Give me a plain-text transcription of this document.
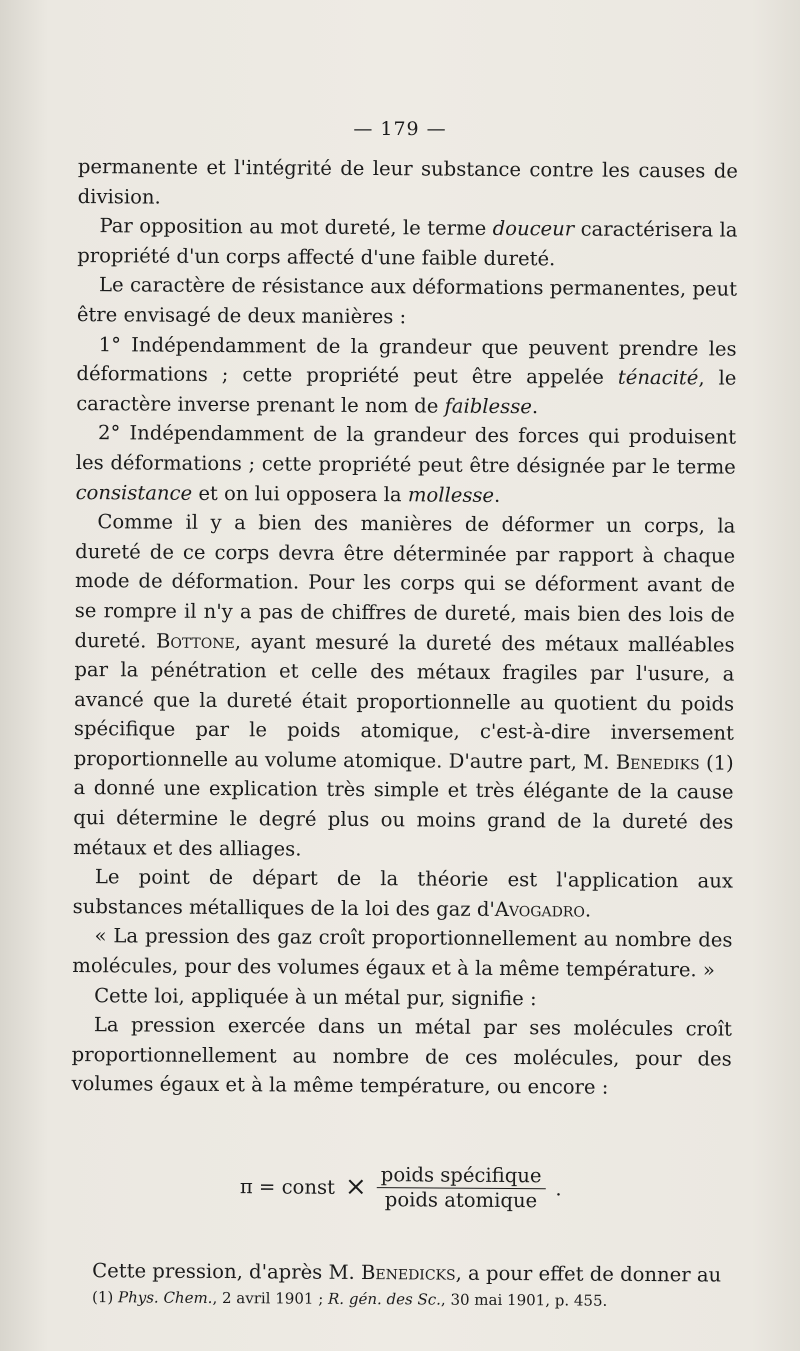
— 179 —

permanente et l'intégrité de leur substance contre les causes de division.

Par opposition au mot dureté, le terme douceur caractérisera la propriété d'un corps affecté d'une faible dureté.

Le caractère de résistance aux déformations permanentes, peut être envisagé de deux manières :

1° Indépendamment de la grandeur que peuvent prendre les déformations ; cette propriété peut être appelée ténacité, le caractère inverse prenant le nom de faiblesse.

2° Indépendamment de la grandeur des forces qui produisent les déformations ; cette propriété peut être désignée par le terme consistance et on lui opposera la mollesse.

Comme il y a bien des manières de déformer un corps, la dureté de ce corps devra être déterminée par rapport à chaque mode de déformation. Pour les corps qui se déforment avant de se rompre il n'y a pas de chiffres de dureté, mais bien des lois de dureté. Bottone, ayant mesuré la dureté des métaux malléables par la pénétration et celle des métaux fragiles par l'usure, a avancé que la dureté était proportionnelle au quotient du poids spécifique par le poids atomique, c'est-à-dire inversement proportionnelle au volume atomique. D'autre part, M. Benediks (1) a donné une explication très simple et très élégante de la cause qui détermine le degré plus ou moins grand de la dureté des métaux et des alliages.

Le point de départ de la théorie est l'application aux substances métalliques de la loi des gaz d'Avogadro.

« La pression des gaz croît proportionnellement au nombre des molécules, pour des volumes égaux et à la même température. »

Cette loi, appliquée à un métal pur, signifie :

La pression exercée dans un métal par ses molécules croît proportionnellement au nombre de ces molécules, pour des volumes égaux et à la même température, ou encore :

π = const × $\frac{\text{poids spécifique}}{\text{poids atomique}}$ .

Cette pression, d'après M. Benedicks, a pour effet de donner au

(1) Phys. Chem., 2 avril 1901 ; R. gén. des Sc., 30 mai 1901, p. 455.
